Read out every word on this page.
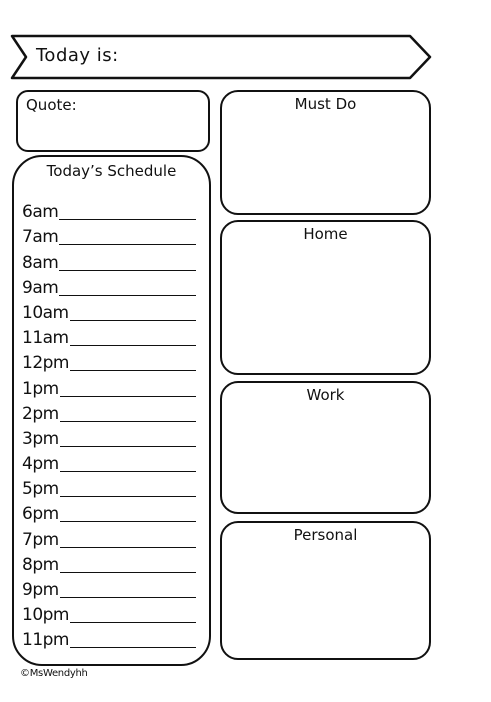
Today is:
Quote:
Today’s Schedule
6am
7am
8am
9am
10am
11am
12pm
1pm
2pm
3pm
4pm
5pm
6pm
7pm
8pm
9pm
10pm
11pm
Must Do
Home
Work
Personal
©MsWendyhh
